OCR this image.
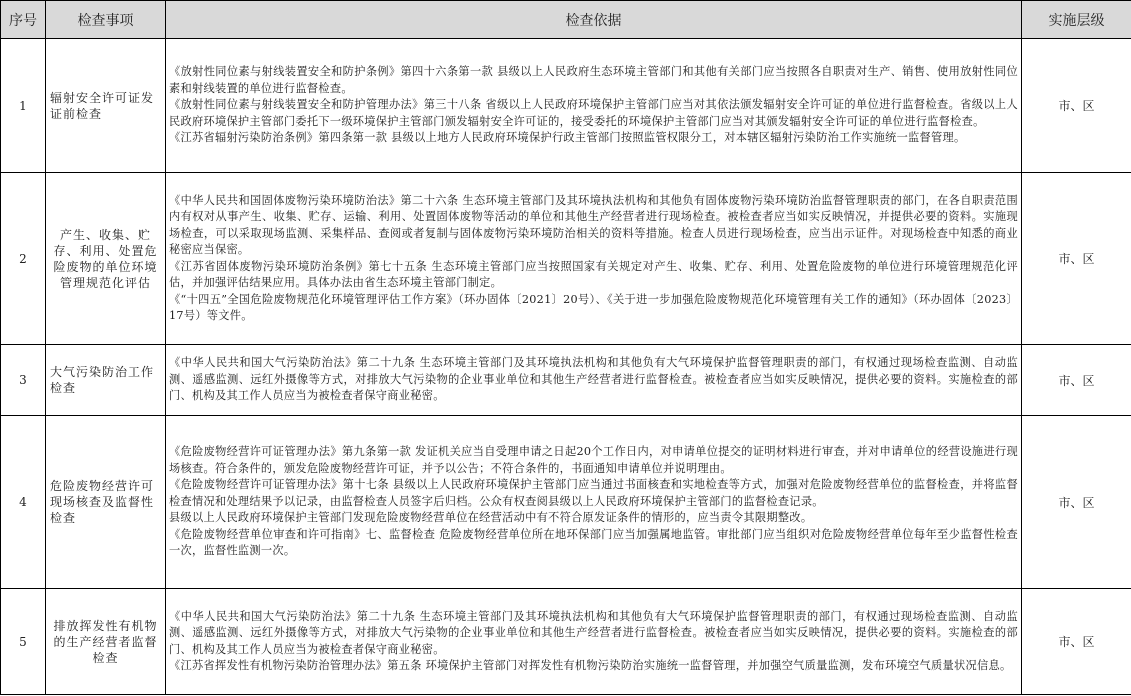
序号	检查事项	检查依据	实施层级
1	辐射安全许可证发证前检查	《放射性同位素与射线装置安全和防护条例》第四十六条第一款 县级以上人民政府生态环境主管部门和其他有关部门应当按照各自职责对生产、销售、使用放射性同位素和射线装置的单位进行监督检查。

《放射性同位素与射线装置安全和防护管理办法》第三十八条 省级以上人民政府环境保护主管部门应当对其依法颁发辐射安全许可证的单位进行监督检查。省级以上人民政府环境保护主管部门委托下一级环境保护主管部门颁发辐射安全许可证的，接受委托的环境保护主管部门应当对其颁发辐射安全许可证的单位进行监督检查。

《江苏省辐射污染防治条例》第四条第一款 县级以上地方人民政府环境保护行政主管部门按照监管权限分工，对本辖区辐射污染防治工作实施统一监督管理。	市、区
2	产生、收集、贮存、利用、处置危险废物的单位环境管理规范化评估	《中华人民共和国固体废物污染环境防治法》第二十六条 生态环境主管部门及其环境执法机构和其他负有固体废物污染环境防治监督管理职责的部门，在各自职责范围内有权对从事产生、收集、贮存、运输、利用、处置固体废物等活动的单位和其他生产经营者进行现场检查。被检查者应当如实反映情况，并提供必要的资料。实施现场检查，可以采取现场监测、采集样品、查阅或者复制与固体废物污染环境防治相关的资料等措施。检查人员进行现场检查，应当出示证件。对现场检查中知悉的商业秘密应当保密。

《江苏省固体废物污染环境防治条例》第七十五条 生态环境主管部门应当按照国家有关规定对产生、收集、贮存、利用、处置危险废物的单位进行环境管理规范化评估，并加强评估结果应用。具体办法由省生态环境主管部门制定。

《“十四五”全国危险废物规范化环境管理评估工作方案》（环办固体〔2021〕20号）、《关于进一步加强危险废物规范化环境管理有关工作的通知》（环办固体〔2023〕17号）等文件。	市、区
3	大气污染防治工作检查	《中华人民共和国大气污染防治法》第二十九条 生态环境主管部门及其环境执法机构和其他负有大气环境保护监督管理职责的部门，有权通过现场检查监测、自动监测、遥感监测、远红外摄像等方式，对排放大气污染物的企业事业单位和其他生产经营者进行监督检查。被检查者应当如实反映情况，提供必要的资料。实施检查的部门、机构及其工作人员应当为被检查者保守商业秘密。	市、区
4	危险废物经营许可现场核查及监督性检查	《危险废物经营许可证管理办法》第九条第一款 发证机关应当自受理申请之日起20个工作日内，对申请单位提交的证明材料进行审查，并对申请单位的经营设施进行现场核查。符合条件的，颁发危险废物经营许可证，并予以公告；不符合条件的，书面通知申请单位并说明理由。

《危险废物经营许可证管理办法》第十七条 县级以上人民政府环境保护主管部门应当通过书面核查和实地检查等方式，加强对危险废物经营单位的监督检查，并将监督检查情况和处理结果予以记录，由监督检查人员签字后归档。公众有权查阅县级以上人民政府环境保护主管部门的监督检查记录。

县级以上人民政府环境保护主管部门发现危险废物经营单位在经营活动中有不符合原发证条件的情形的，应当责令其限期整改。

《危险废物经营单位审查和许可指南》七、监督检查 危险废物经营单位所在地环保部门应当加强属地监管。审批部门应当组织对危险废物经营单位每年至少监督性检查一次，监督性监测一次。	市、区
5	排放挥发性有机物的生产经营者监督检查	《中华人民共和国大气污染防治法》第二十九条 生态环境主管部门及其环境执法机构和其他负有大气环境保护监督管理职责的部门，有权通过现场检查监测、自动监测、遥感监测、远红外摄像等方式，对排放大气污染物的企业事业单位和其他生产经营者进行监督检查。被检查者应当如实反映情况，提供必要的资料。实施检查的部门、机构及其工作人员应当为被检查者保守商业秘密。

《江苏省挥发性有机物污染防治管理办法》第五条 环境保护主管部门对挥发性有机物污染防治实施统一监督管理，并加强空气质量监测，发布环境空气质量状况信息。	市、区
